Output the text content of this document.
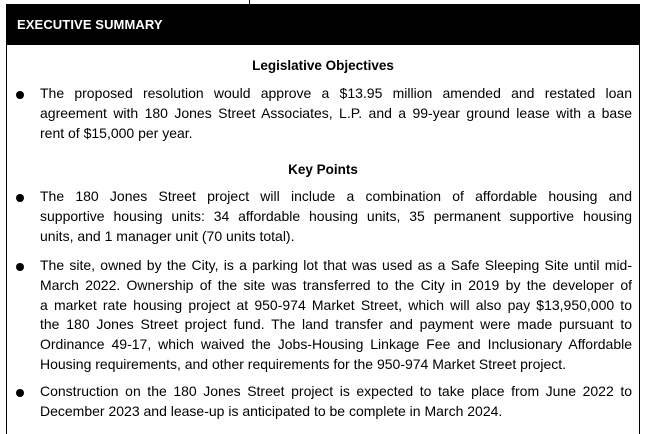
EXECUTIVE SUMMARY
Legislative Objectives
The proposed resolution would approve a $13.95 million amended and restated loan
agreement with 180 Jones Street Associates, L.P. and a 99-year ground lease with a base
rent of $15,000 per year.
Key Points
The 180 Jones Street project will include a combination of affordable housing and
supportive housing units: 34 affordable housing units, 35 permanent supportive housing
units, and 1 manager unit (70 units total).
The site, owned by the City, is a parking lot that was used as a Safe Sleeping Site until mid-
March 2022. Ownership of the site was transferred to the City in 2019 by the developer of
a market rate housing project at 950-974 Market Street, which will also pay $13,950,000 to
the 180 Jones Street project fund. The land transfer and payment were made pursuant to
Ordinance 49-17, which waived the Jobs-Housing Linkage Fee and Inclusionary Affordable
Housing requirements, and other requirements for the 950-974 Market Street project.
Construction on the 180 Jones Street project is expected to take place from June 2022 to
December 2023 and lease-up is anticipated to be complete in March 2024.
